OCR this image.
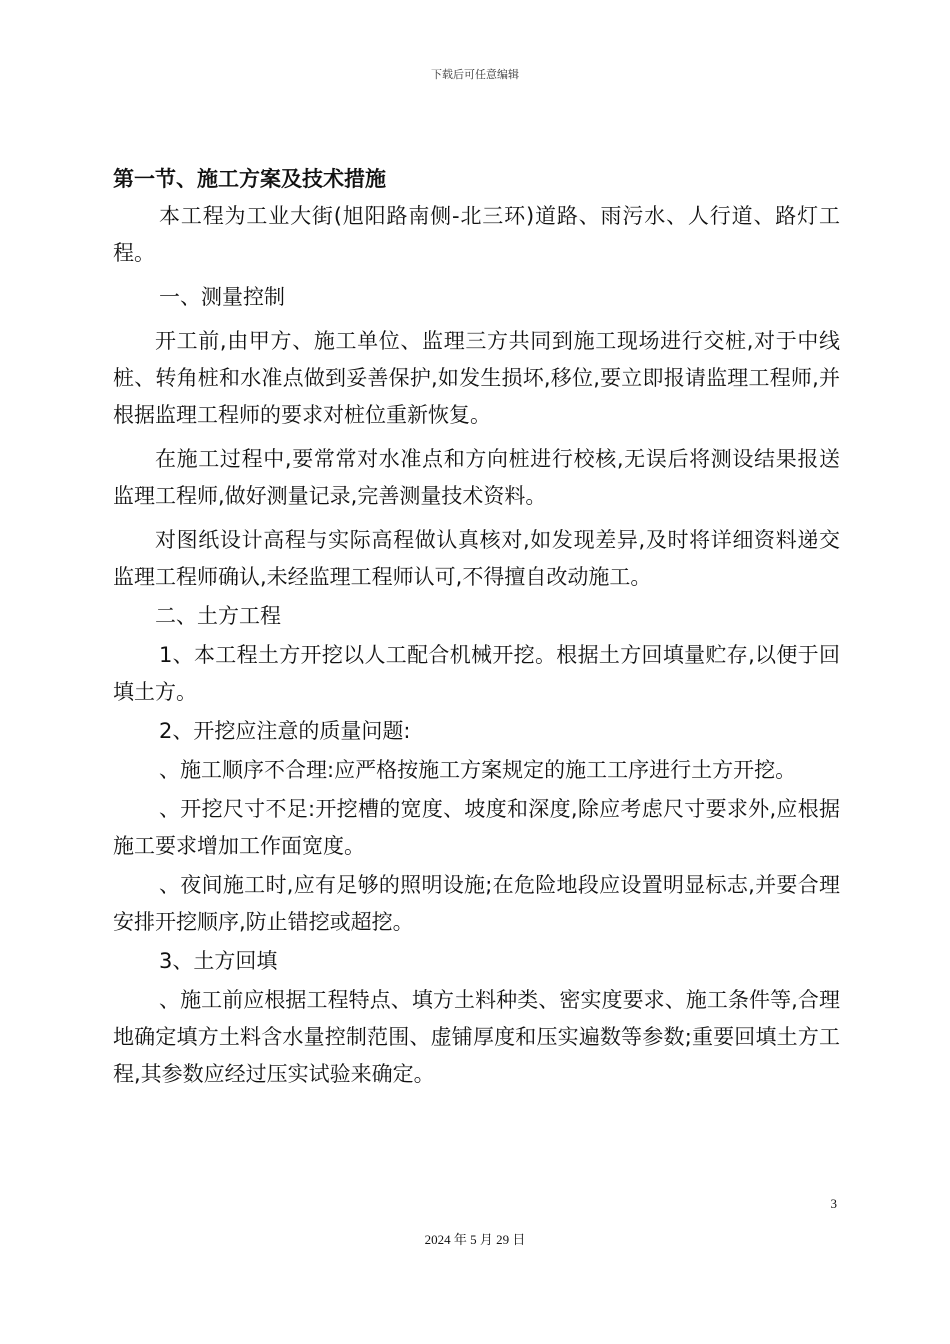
下载后可任意编辑

第一节、施工方案及技术措施

本工程为工业大街(旭阳路南侧-北三环)道路、雨污水、人行道、路灯工程。

一、测量控制

开工前,由甲方、施工单位、监理三方共同到施工现场进行交桩,对于中线桩、转角桩和水准点做到妥善保护,如发生损坏,移位,要立即报请监理工程师,并根据监理工程师的要求对桩位重新恢复。

在施工过程中,要常常对水准点和方向桩进行校核,无误后将测设结果报送监理工程师,做好测量记录,完善测量技术资料。

对图纸设计高程与实际高程做认真核对,如发现差异,及时将详细资料递交监理工程师确认,未经监理工程师认可,不得擅自改动施工。

二、土方工程

1、本工程土方开挖以人工配合机械开挖。根据土方回填量贮存,以便于回填土方。

2、开挖应注意的质量问题:

、施工顺序不合理:应严格按施工方案规定的施工工序进行土方开挖。

、开挖尺寸不足:开挖槽的宽度、坡度和深度,除应考虑尺寸要求外,应根据施工要求增加工作面宽度。

、夜间施工时,应有足够的照明设施;在危险地段应设置明显标志,并要合理安排开挖顺序,防止错挖或超挖。

3、土方回填

、施工前应根据工程特点、填方土料种类、密实度要求、施工条件等,合理地确定填方土料含水量控制范围、虚铺厚度和压实遍数等参数;重要回填土方工程,其参数应经过压实试验来确定。

3
2024 年 5 月 29 日
